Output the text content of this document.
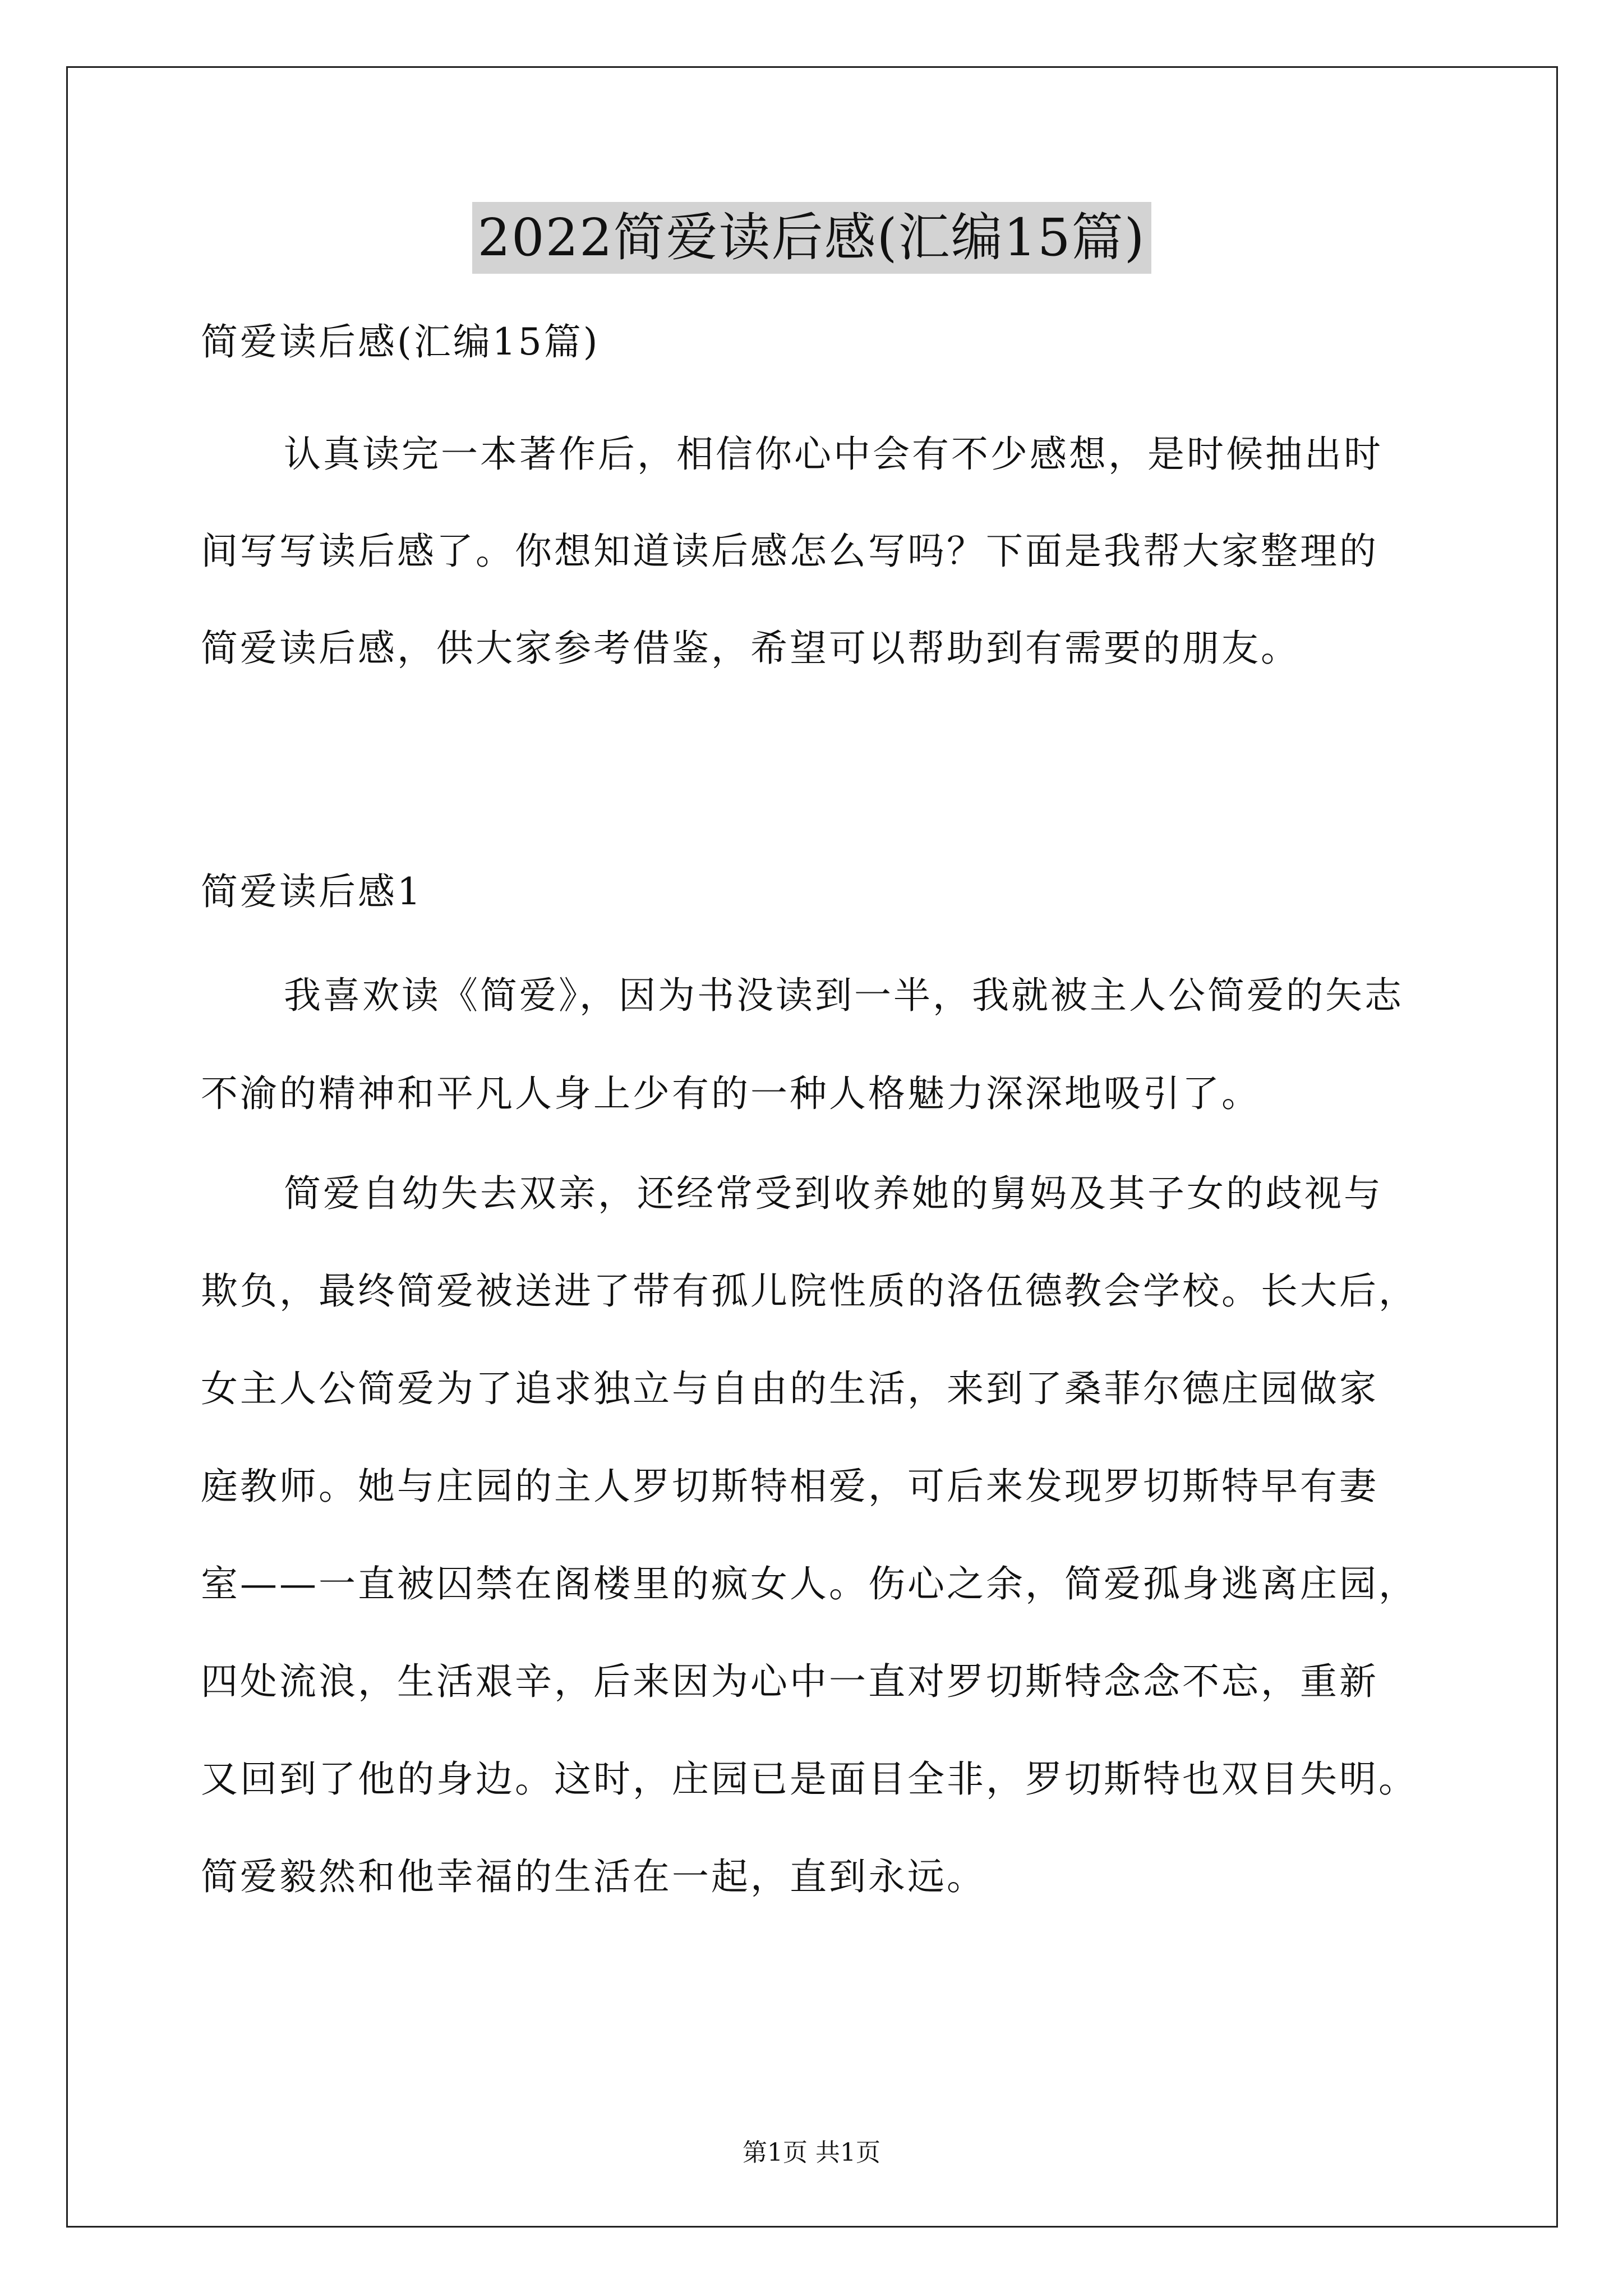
2022简爱读后感(汇编15篇)
简爱读后感(汇编15篇)
认真读完一本著作后，相信你心中会有不少感想，是时候抽出时
间写写读后感了。你想知道读后感怎么写吗？下面是我帮大家整理的
简爱读后感，供大家参考借鉴，希望可以帮助到有需要的朋友。
简爱读后感1
我喜欢读《简爱》，因为书没读到一半，我就被主人公简爱的矢志
不渝的精神和平凡人身上少有的一种人格魅力深深地吸引了。
简爱自幼失去双亲，还经常受到收养她的舅妈及其子女的歧视与
欺负，最终简爱被送进了带有孤儿院性质的洛伍德教会学校。长大后，
女主人公简爱为了追求独立与自由的生活，来到了桑菲尔德庄园做家
庭教师。她与庄园的主人罗切斯特相爱，可后来发现罗切斯特早有妻
室——一直被囚禁在阁楼里的疯女人。伤心之余，简爱孤身逃离庄园，
四处流浪，生活艰辛，后来因为心中一直对罗切斯特念念不忘，重新
又回到了他的身边。这时，庄园已是面目全非，罗切斯特也双目失明。
简爱毅然和他幸福的生活在一起，直到永远。
第1页 共1页
